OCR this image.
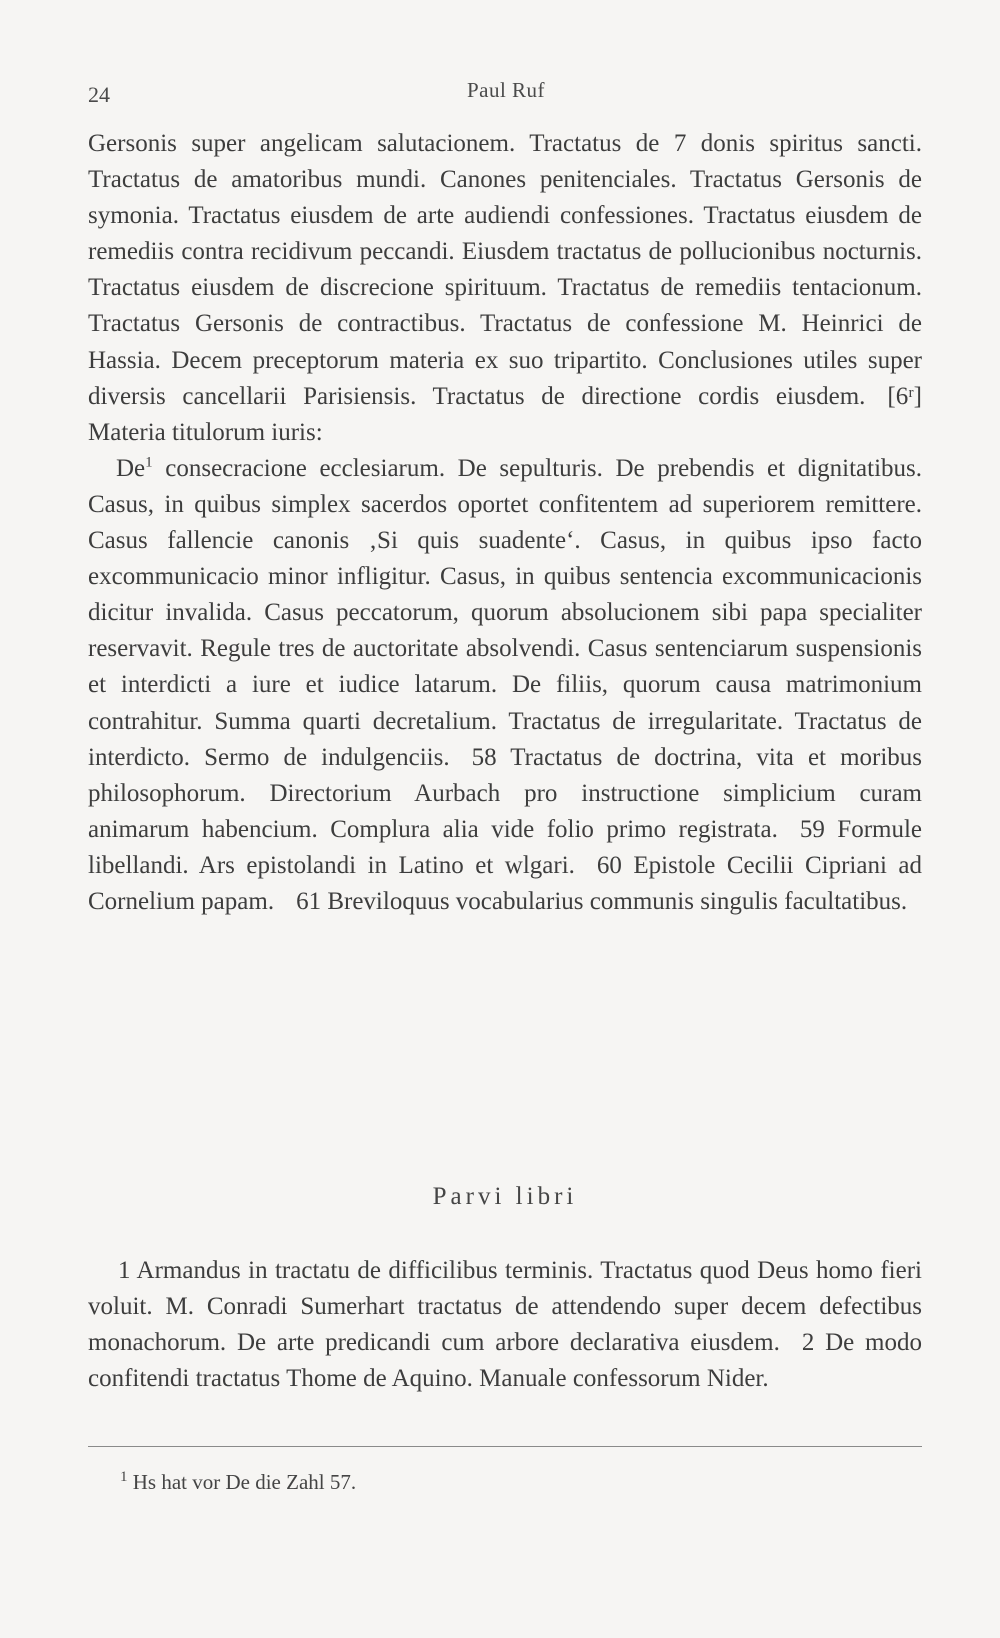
24	Paul Ruf

Gersonis super angelicam salutacionem. Tractatus de 7 donis spiritus sancti. Tractatus de amatoribus mundi. Canones penitenciales. Tractatus Gersonis de symonia. Tractatus eiusdem de arte audiendi confessiones. Tractatus eiusdem de remediis contra recidivum peccandi. Eiusdem tractatus de pollucionibus nocturnis. Tractatus eiusdem de discrecione spirituum. Tractatus de remediis tentacionum. Tractatus Gersonis de contractibus. Tractatus de confessione M. Heinrici de Hassia. Decem preceptorum materia ex suo tripartito. Conclusiones utiles super diversis cancellarii Parisiensis. Tractatus de directione cordis eiusdem. [6ʳ] Materia titulorum iuris:

De$^1$ consecracione ecclesiarum. De sepulturis. De prebendis et dignitatibus. Casus, in quibus simplex sacerdos oportet confitentem ad superiorem remittere. Casus fallencie canonis ‚Si quis suadente‘. Casus, in quibus ipso facto excommunicacio minor infligitur. Casus, in quibus sentencia excommunicacionis dicitur invalida. Casus peccatorum, quorum absolucionem sibi papa specialiter reservavit. Regule tres de auctoritate absolvendi. Casus sentenciarum suspensionis et interdicti a iure et iudice latarum. De filiis, quorum causa matrimonium contrahitur. Summa quarti decretalium. Tractatus de irregularitate. Tractatus de interdicto. Sermo de indulgenciis. 58 Tractatus de doctrina, vita et moribus philosophorum. Directorium Aurbach pro instructione simplicium curam animarum habencium. Complura alia vide folio primo registrata. 59 Formule libellandi. Ars epistolandi in Latino et wlgari. 60 Epistole Cecilii Cipriani ad Cornelium papam. 61 Breviloquus vocabularius communis singulis facultatibus.

Parvi libri

1 Armandus in tractatu de difficilibus terminis. Tractatus quod Deus homo fieri voluit. M. Conradi Sumerhart tractatus de attendendo super decem defectibus monachorum. De arte predicandi cum arbore declarativa eiusdem. 2 De modo confitendi tractatus Thome de Aquino. Manuale confessorum Nider.

$^1$ Hs hat vor De die Zahl 57.
